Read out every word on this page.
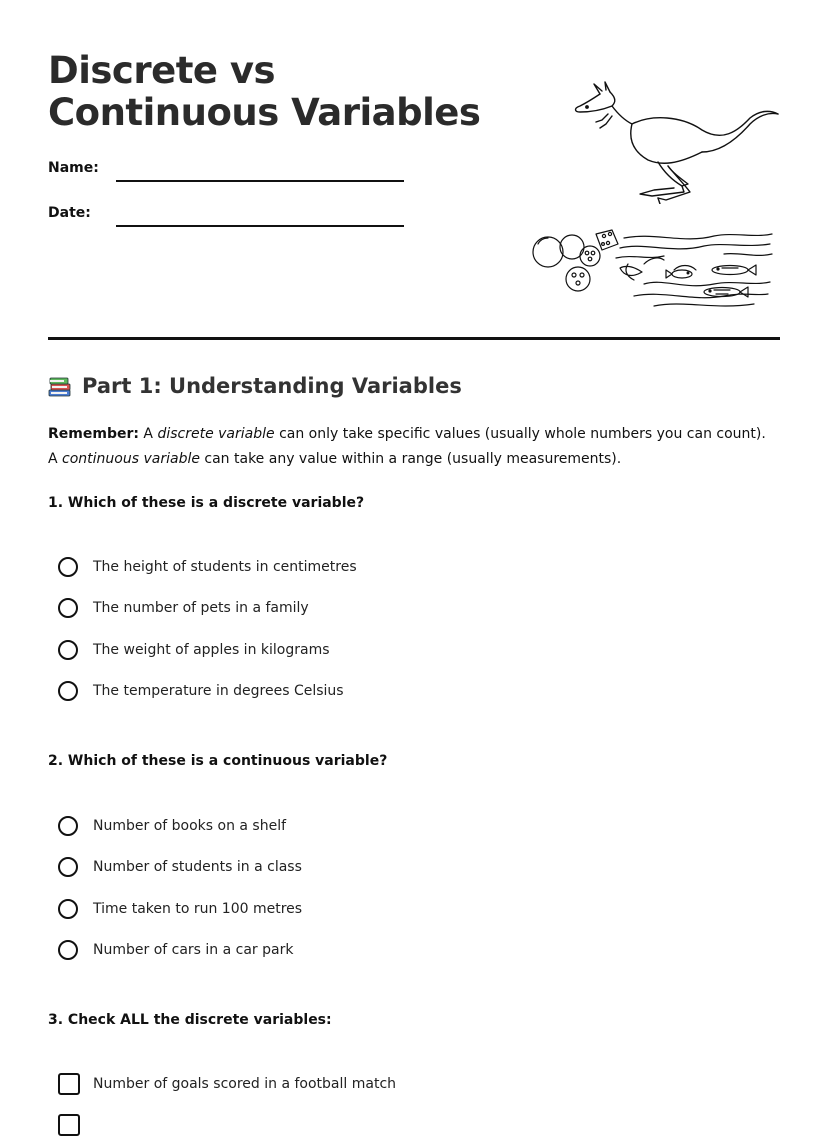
Discrete vs Continuous Variables
Name:
Date:
Part 1: Understanding Variables

Remember: A discrete variable can only take specific values (usually whole numbers you can count). A continuous variable can take any value within a range (usually measurements).

1. Which of these is a discrete variable?

The height of students in centimetres
The number of pets in a family
The weight of apples in kilograms
The temperature in degrees Celsius

2. Which of these is a continuous variable?

Number of books on a shelf
Number of students in a class
Time taken to run 100 metres
Number of cars in a car park

3. Check ALL the discrete variables:

Number of goals scored in a football match
